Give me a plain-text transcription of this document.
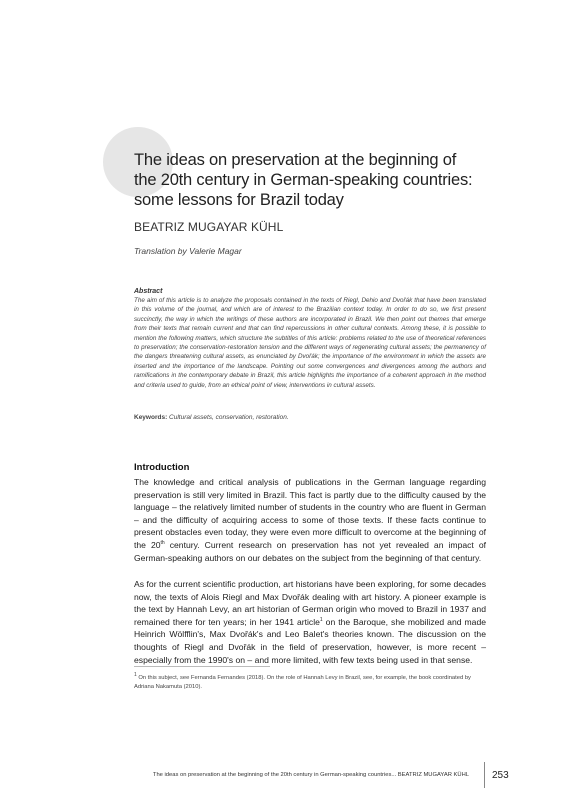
The ideas on preservation at the beginning of the 20th century in German-speaking countries: some lessons for Brazil today
BEATRIZ MUGAYAR KÜHL
Translation by Valerie Magar
Abstract

The aim of this article is to analyze the proposals contained in the texts of Riegl, Dehio and Dvořák that have been translated in this volume of the journal, and which are of interest to the Brazilian context today. In order to do so, we first present succinctly, the way in which the writings of these authors are incorporated in Brazil. We then point out themes that emerge from their texts that remain current and that can find repercussions in other cultural contexts. Among these, it is possible to mention the following matters, which structure the subtitles of this article: problems related to the use of theoretical references to preservation; the conservation-restoration tension and the different ways of regenerating cultural assets; the permanency of the dangers threatening cultural assets, as enunciated by Dvořák; the importance of the environment in which the assets are inserted and the importance of the landscape. Pointing out some convergences and divergences among the authors and ramifications in the contemporary debate in Brazil, this article highlights the importance of a coherent approach in the method and criteria used to guide, from an ethical point of view, interventions in cultural assets.

Keywords: Cultural assets, conservation, restoration.
Introduction
The knowledge and critical analysis of publications in the German language regarding preservation is still very limited in Brazil. This fact is partly due to the difficulty caused by the language – the relatively limited number of students in the country who are fluent in German – and the difficulty of acquiring access to some of those texts. If these facts continue to present obstacles even today, they were even more difficult to overcome at the beginning of the 20th century. Current research on preservation has not yet revealed an impact of German-speaking authors on our debates on the subject from the beginning of that century.
As for the current scientific production, art historians have been exploring, for some decades now, the texts of Alois Riegl and Max Dvořák dealing with art history. A pioneer example is the text by Hannah Levy, an art historian of German origin who moved to Brazil in 1937 and remained there for ten years; in her 1941 article$^1$ on the Baroque, she mobilized and made Heinrich Wölfflin's, Max Dvořák's and Leo Balet's theories known. The discussion on the thoughts of Riegl and Dvořák in the field of preservation, however, is more recent – especially from the 1990's on – and more limited, with few texts being used in that sense.
$^1$ On this subject, see Fernanda Fernandes (2018). On the role of Hannah Levy in Brazil, see, for example, the book coordinated by Adriana Nakamuta (2010).
The ideas on preservation at the beginning of the 20th century in German-speaking countries... BEATRIZ MUGAYAR KÜHL 253
